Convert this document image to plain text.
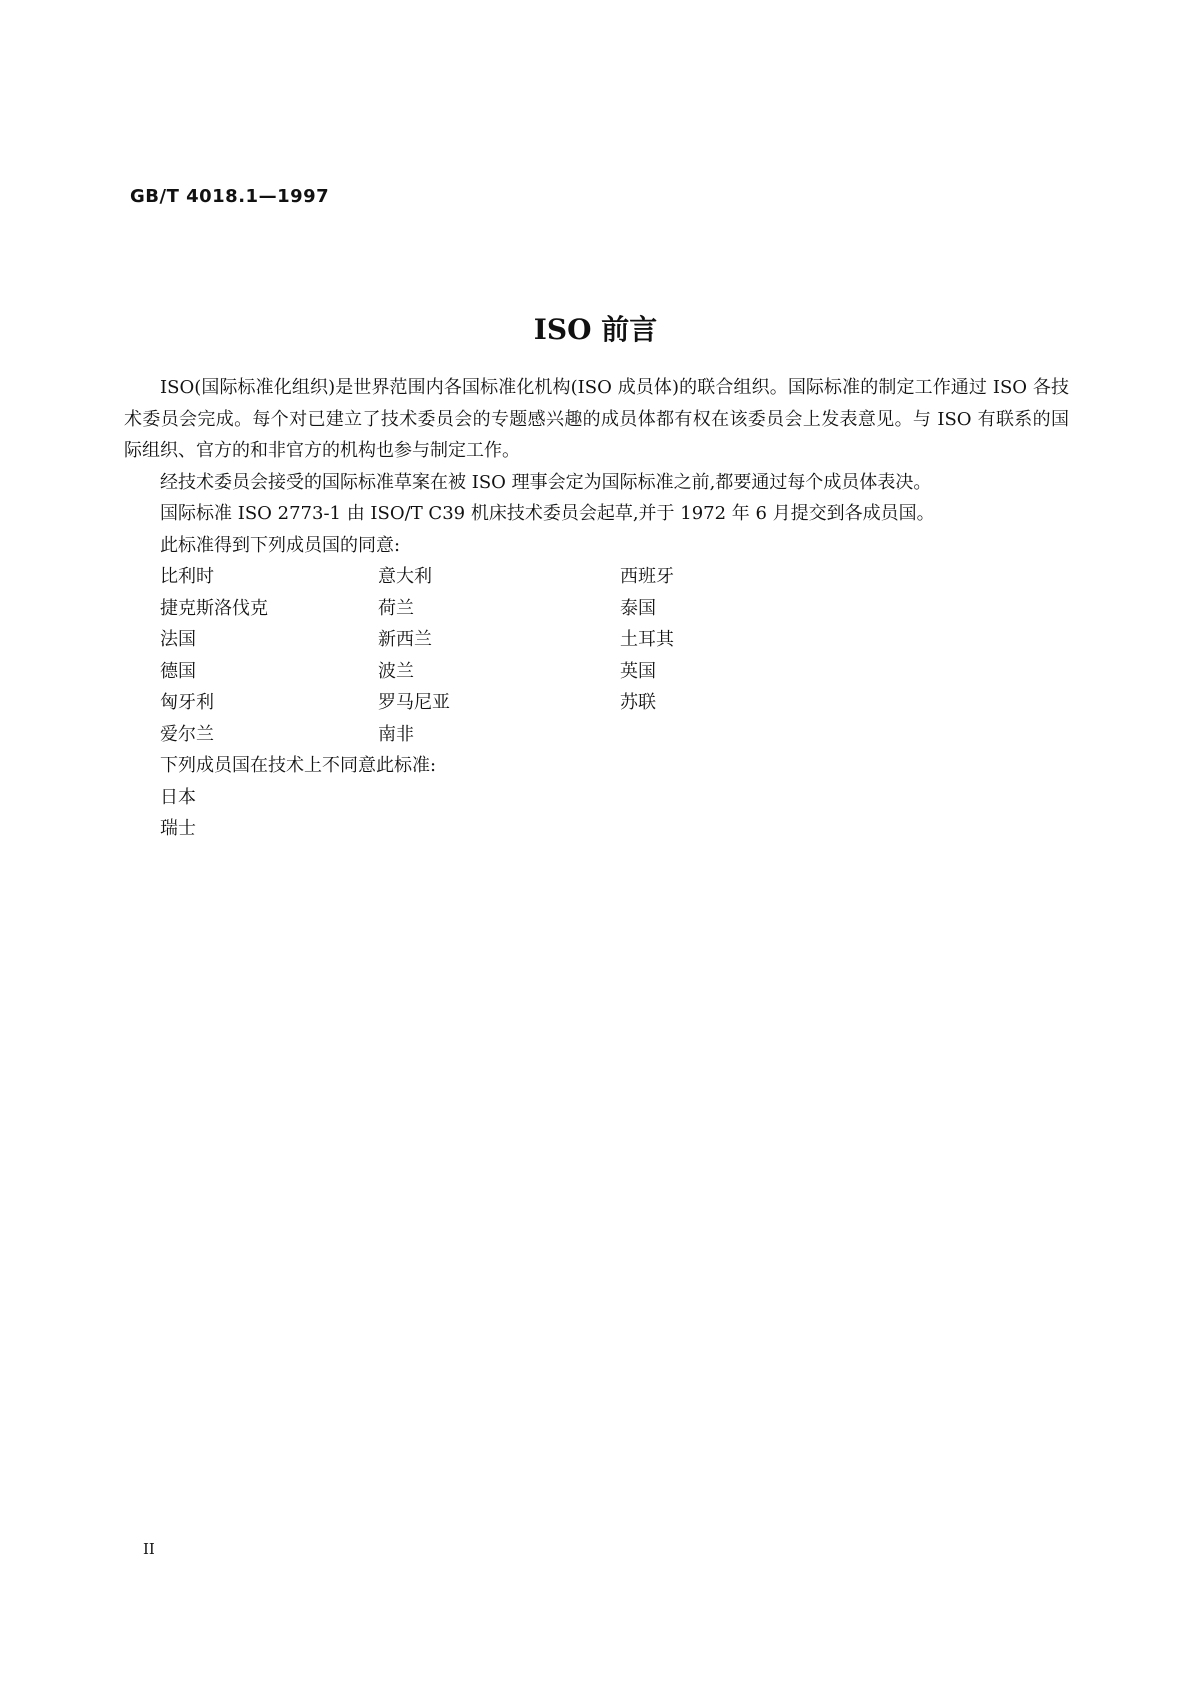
GB/T 4018.1—1997
ISO 前言

ISO(国际标准化组织)是世界范围内各国标准化机构(ISO 成员体)的联合组织。国际标准的制定工作通过 ISO 各技术委员会完成。每个对已建立了技术委员会的专题感兴趣的成员体都有权在该委员会上发表意见。与 ISO 有联系的国际组织、官方的和非官方的机构也参与制定工作。

经技术委员会接受的国际标准草案在被 ISO 理事会定为国际标准之前,都要通过每个成员体表决。

国际标准 ISO 2773-1 由 ISO/T C39 机床技术委员会起草,并于 1972 年 6 月提交到各成员国。

此标准得到下列成员国的同意:

比利时	意大利	西班牙
捷克斯洛伐克	荷兰	泰国
法国	新西兰	土耳其
德国	波兰	英国
匈牙利	罗马尼亚	苏联
爱尔兰	南非

下列成员国在技术上不同意此标准:

日本

瑞士

II
